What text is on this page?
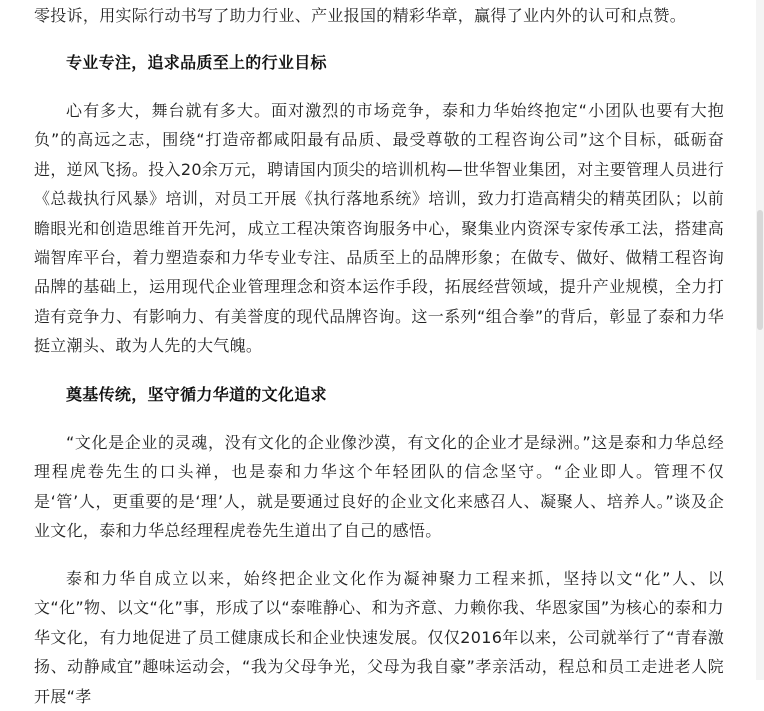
零投诉，用实际行动书写了助力行业、产业报国的精彩华章，赢得了业内外的认可和点赞。

专业专注，追求品质至上的行业目标

心有多大，舞台就有多大。面对激烈的市场竞争，泰和力华始终抱定“小团队也要有大抱负”的高远之志，围绕“打造帝都咸阳最有品质、最受尊敬的工程咨询公司”这个目标，砥砺奋进，逆风飞扬。投入20余万元，聘请国内顶尖的培训机构—世华智业集团，对主要管理人员进行《总裁执行风暴》培训，对员工开展《执行落地系统》培训，致力打造高精尖的精英团队；以前瞻眼光和创造思维首开先河，成立工程决策咨询服务中心，聚集业内资深专家传承工法，搭建高端智库平台，着力塑造泰和力华专业专注、品质至上的品牌形象；在做专、做好、做精工程咨询品牌的基础上，运用现代企业管理理念和资本运作手段，拓展经营领域，提升产业规模，全力打造有竞争力、有影响力、有美誉度的现代品牌咨询。这一系列“组合拳”的背后，彰显了泰和力华挺立潮头、敢为人先的大气魄。

奠基传统，坚守循力华道的文化追求

“文化是企业的灵魂，没有文化的企业像沙漠，有文化的企业才是绿洲。”这是泰和力华总经理程虎卷先生的口头禅，也是泰和力华这个年轻团队的信念坚守。“企业即人。管理不仅是‘管’人，更重要的是‘理’人，就是要通过良好的企业文化来感召人、凝聚人、培养人。”谈及企业文化，泰和力华总经理程虎卷先生道出了自己的感悟。

泰和力华自成立以来，始终把企业文化作为凝神聚力工程来抓，坚持以文“化”人、以文“化”物、以文“化”事，形成了以“泰唯静心、和为齐意、力赖你我、华恩家国”为核心的泰和力华文化，有力地促进了员工健康成长和企业快速发展。仅仅2016年以来，公司就举行了“青春激扬、动静咸宜”趣味运动会，“我为父母争光，父母为我自豪”孝亲活动，程总和员工走进老人院开展“孝
